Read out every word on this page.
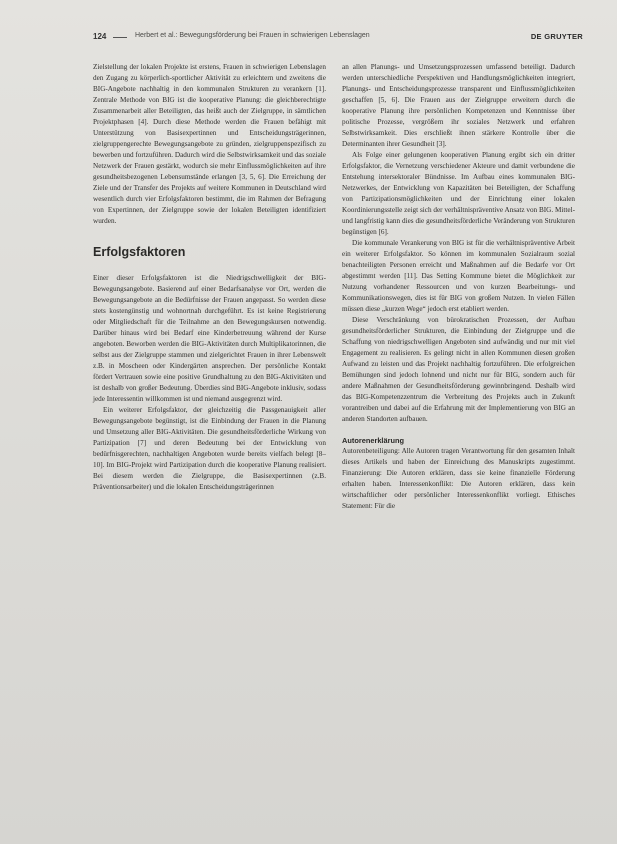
124	Herbert et al.: Bewegungsförderung bei Frauen in schwierigen Lebenslagen	DE GRUYTER

Zielstellung der lokalen Projekte ist erstens, Frauen in schwierigen Lebenslagen den Zugang zu körperlich-sportlicher Aktivität zu erleichtern und zweitens die BIG-Angebote nachhaltig in den kommunalen Strukturen zu verankern [1]. Zentrale Methode von BIG ist die kooperative Planung: die gleichberechtigte Zusammenarbeit aller Beteiligten, das heißt auch der Zielgruppe, in sämtlichen Projektphasen [4]. Durch diese Methode werden die Frauen befähigt mit Unterstützung von Basisexpertinnen und Entscheidungsträgerinnen, zielgruppengerechte Bewegungsangebote zu gründen, zielgruppenspezifisch zu bewerben und fortzuführen. Dadurch wird die Selbstwirksamkeit und das soziale Netzwerk der Frauen gestärkt, wodurch sie mehr Einflussmöglichkeiten auf ihre gesundheitsbezogenen Lebensumstände erlangen [3, 5, 6]. Die Erreichung der Ziele und der Transfer des Projekts auf weitere Kommunen in Deutschland wird wesentlich durch vier Erfolgsfaktoren bestimmt, die im Rahmen der Befragung von Expertinnen, der Zielgruppe sowie der lokalen Beteiligten identifiziert wurden.

Erfolgsfaktoren

Einer dieser Erfolgsfaktoren ist die Niedrigschwelligkeit der BIG-Bewegungsangebote. Basierend auf einer Bedarfsanalyse vor Ort, werden die Bewegungsangebote an die Bedürfnisse der Frauen angepasst. So werden diese stets kostengünstig und wohnortnah durchgeführt. Es ist keine Registrierung oder Mitgliedschaft für die Teilnahme an den Bewegungskursen notwendig. Darüber hinaus wird bei Bedarf eine Kinderbetreuung während der Kurse angeboten. Beworben werden die BIG-Aktivitäten durch Multiplikatorinnen, die selbst aus der Zielgruppe stammen und zielgerichtet Frauen in ihrer Lebenswelt z.B. in Moscheen oder Kindergärten ansprechen. Der persönliche Kontakt fördert Vertrauen sowie eine positive Grundhaltung zu den BIG-Aktivitäten und ist deshalb von großer Bedeutung. Überdies sind BIG-Angebote inklusiv, sodass jede Interessentin willkommen ist und niemand ausgegrenzt wird.

Ein weiterer Erfolgsfaktor, der gleichzeitig die Passgenauigkeit aller Bewegungsangebote begünstigt, ist die Einbindung der Frauen in die Planung und Umsetzung aller BIG-Aktivitäten. Die gesundheitsförderliche Wirkung von Partizipation [7] und deren Bedeutung bei der Entwicklung von bedürfnisgerechten, nachhaltigen Angeboten wurde bereits vielfach belegt [8–10]. Im BIG-Projekt wird Partizipation durch die kooperative Planung realisiert. Bei diesem werden die Zielgruppe, die Basisexpertinnen (z.B. Präventionsarbeiter) und die lokalen Entscheidungsträgerinnen

an allen Planungs- und Umsetzungsprozessen umfassend beteiligt. Dadurch werden unterschiedliche Perspektiven und Handlungsmöglichkeiten integriert, Planungs- und Entscheidungsprozesse transparent und Einflussmöglichkeiten geschaffen [5, 6]. Die Frauen aus der Zielgruppe erweitern durch die kooperative Planung ihre persönlichen Kompetenzen und Kenntnisse über politische Prozesse, vergrößern ihr soziales Netzwerk und erfahren Selbstwirksamkeit. Dies erschließt ihnen stärkere Kontrolle über die Determinanten ihrer Gesundheit [3].

Als Folge einer gelungenen kooperativen Planung ergibt sich ein dritter Erfolgsfaktor, die Vernetzung verschiedener Akteure und damit verbundene die Entstehung intersektoraler Bündnisse. Im Aufbau eines kommunalen BIG-Netzwerkes, der Entwicklung von Kapazitäten bei Beteiligten, der Schaffung von Partizipationsmöglichkeiten und der Einrichtung einer lokalen Koordinierungsstelle zeigt sich der verhältnispräventive Ansatz von BIG. Mittel- und langfristig kann dies die gesundheitsförderliche Veränderung von Strukturen begünstigen [6].

Die kommunale Verankerung von BIG ist für die verhältnispräventive Arbeit ein weiterer Erfolgsfaktor. So können im kommunalen Sozialraum sozial benachteiligten Personen erreicht und Maßnahmen auf die Bedarfe vor Ort abgestimmt werden [11]. Das Setting Kommune bietet die Möglichkeit zur Nutzung vorhandener Ressourcen und von kurzen Bearbeitungs- und Kommunikationswegen, dies ist für BIG von großem Nutzen. In vielen Fällen müssen diese „kurzen Wege“ jedoch erst etabliert werden.

Diese Verschränkung von bürokratischen Prozessen, der Aufbau gesundheitsförderlicher Strukturen, die Einbindung der Zielgruppe und die Schaffung von niedrigschwelligen Angeboten sind aufwändig und nur mit viel Engagement zu realisieren. Es gelingt nicht in allen Kommunen diesen großen Aufwand zu leisten und das Projekt nachhaltig fortzuführen. Die erfolgreichen Bemühungen sind jedoch lohnend und nicht nur für BIG, sondern auch für andere Maßnahmen der Gesundheitsförderung gewinnbringend. Deshalb wird das BIG-Kompetenzzentrum die Verbreitung des Projekts auch in Zukunft vorantreiben und dabei auf die Erfahrung mit der Implementierung von BIG an anderen Standorten aufbauen.

Autorenerklärung

Autorenbeteiligung: Alle Autoren tragen Verantwortung für den gesamten Inhalt dieses Artikels und haben der Einreichung des Manuskripts zugestimmt. Finanzierung: Die Autoren erklären, dass sie keine finanzielle Förderung erhalten haben. Interessenkonflikt: Die Autoren erklären, dass kein wirtschaftlicher oder persönlicher Interessenkonflikt vorliegt. Ethisches Statement: Für die
